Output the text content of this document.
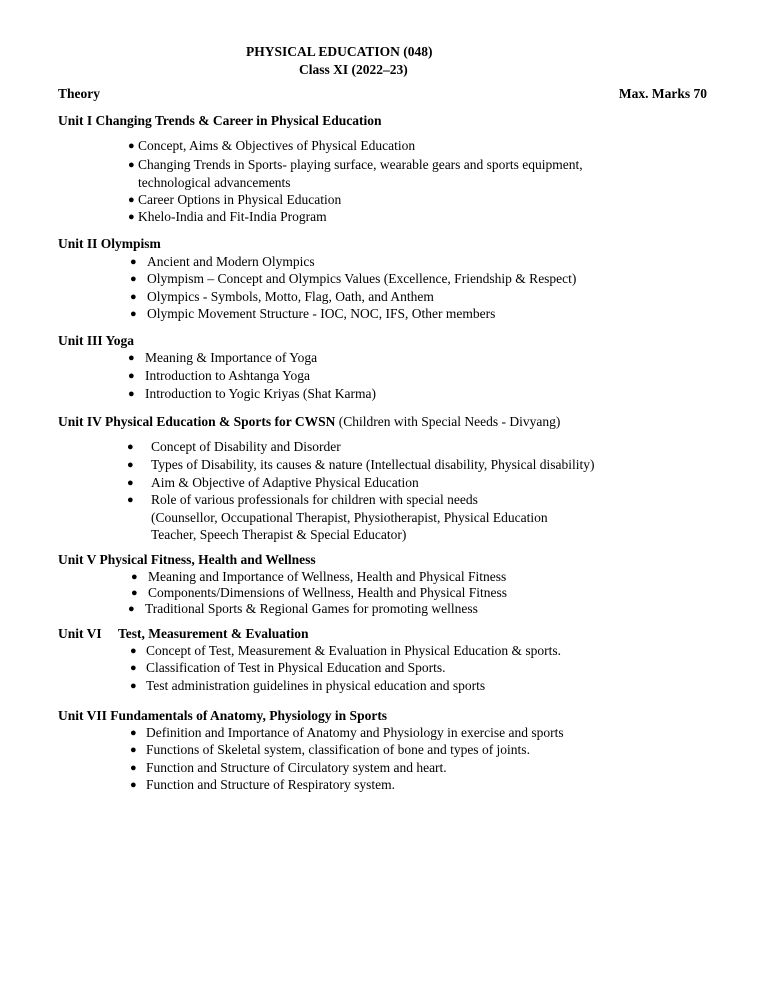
PHYSICAL EDUCATION (048)
Class XI (2022–23)
Theory	Max. Marks 70
Unit I Changing Trends & Career in Physical Education
● Concept, Aims & Objectives of Physical Education
● Changing Trends in Sports- playing surface, wearable gears and sports equipment,
technological advancements
● Career Options in Physical Education
● Khelo-India and Fit-India Program
Unit II Olympism
● Ancient and Modern Olympics
● Olympism – Concept and Olympics Values (Excellence, Friendship & Respect)
● Olympics - Symbols, Motto, Flag, Oath, and Anthem
● Olympic Movement Structure - IOC, NOC, IFS, Other members
Unit III Yoga
● Meaning & Importance of Yoga
● Introduction to Ashtanga Yoga
● Introduction to Yogic Kriyas (Shat Karma)
Unit IV Physical Education & Sports for CWSN (Children with Special Needs - Divyang)
● Concept of Disability and Disorder
● Types of Disability, its causes & nature (Intellectual disability, Physical disability)
● Aim & Objective of Adaptive Physical Education
● Role of various professionals for children with special needs
(Counsellor, Occupational Therapist, Physiotherapist, Physical Education
Teacher, Speech Therapist & Special Educator)
Unit V Physical Fitness, Health and Wellness
● Meaning and Importance of Wellness, Health and Physical Fitness
● Components/Dimensions of Wellness, Health and Physical Fitness
● Traditional Sports & Regional Games for promoting wellness
Unit VI Test, Measurement & Evaluation
● Concept of Test, Measurement & Evaluation in Physical Education & sports.
● Classification of Test in Physical Education and Sports.
● Test administration guidelines in physical education and sports
Unit VII Fundamentals of Anatomy, Physiology in Sports
● Definition and Importance of Anatomy and Physiology in exercise and sports
● Functions of Skeletal system, classification of bone and types of joints.
● Function and Structure of Circulatory system and heart.
● Function and Structure of Respiratory system.
